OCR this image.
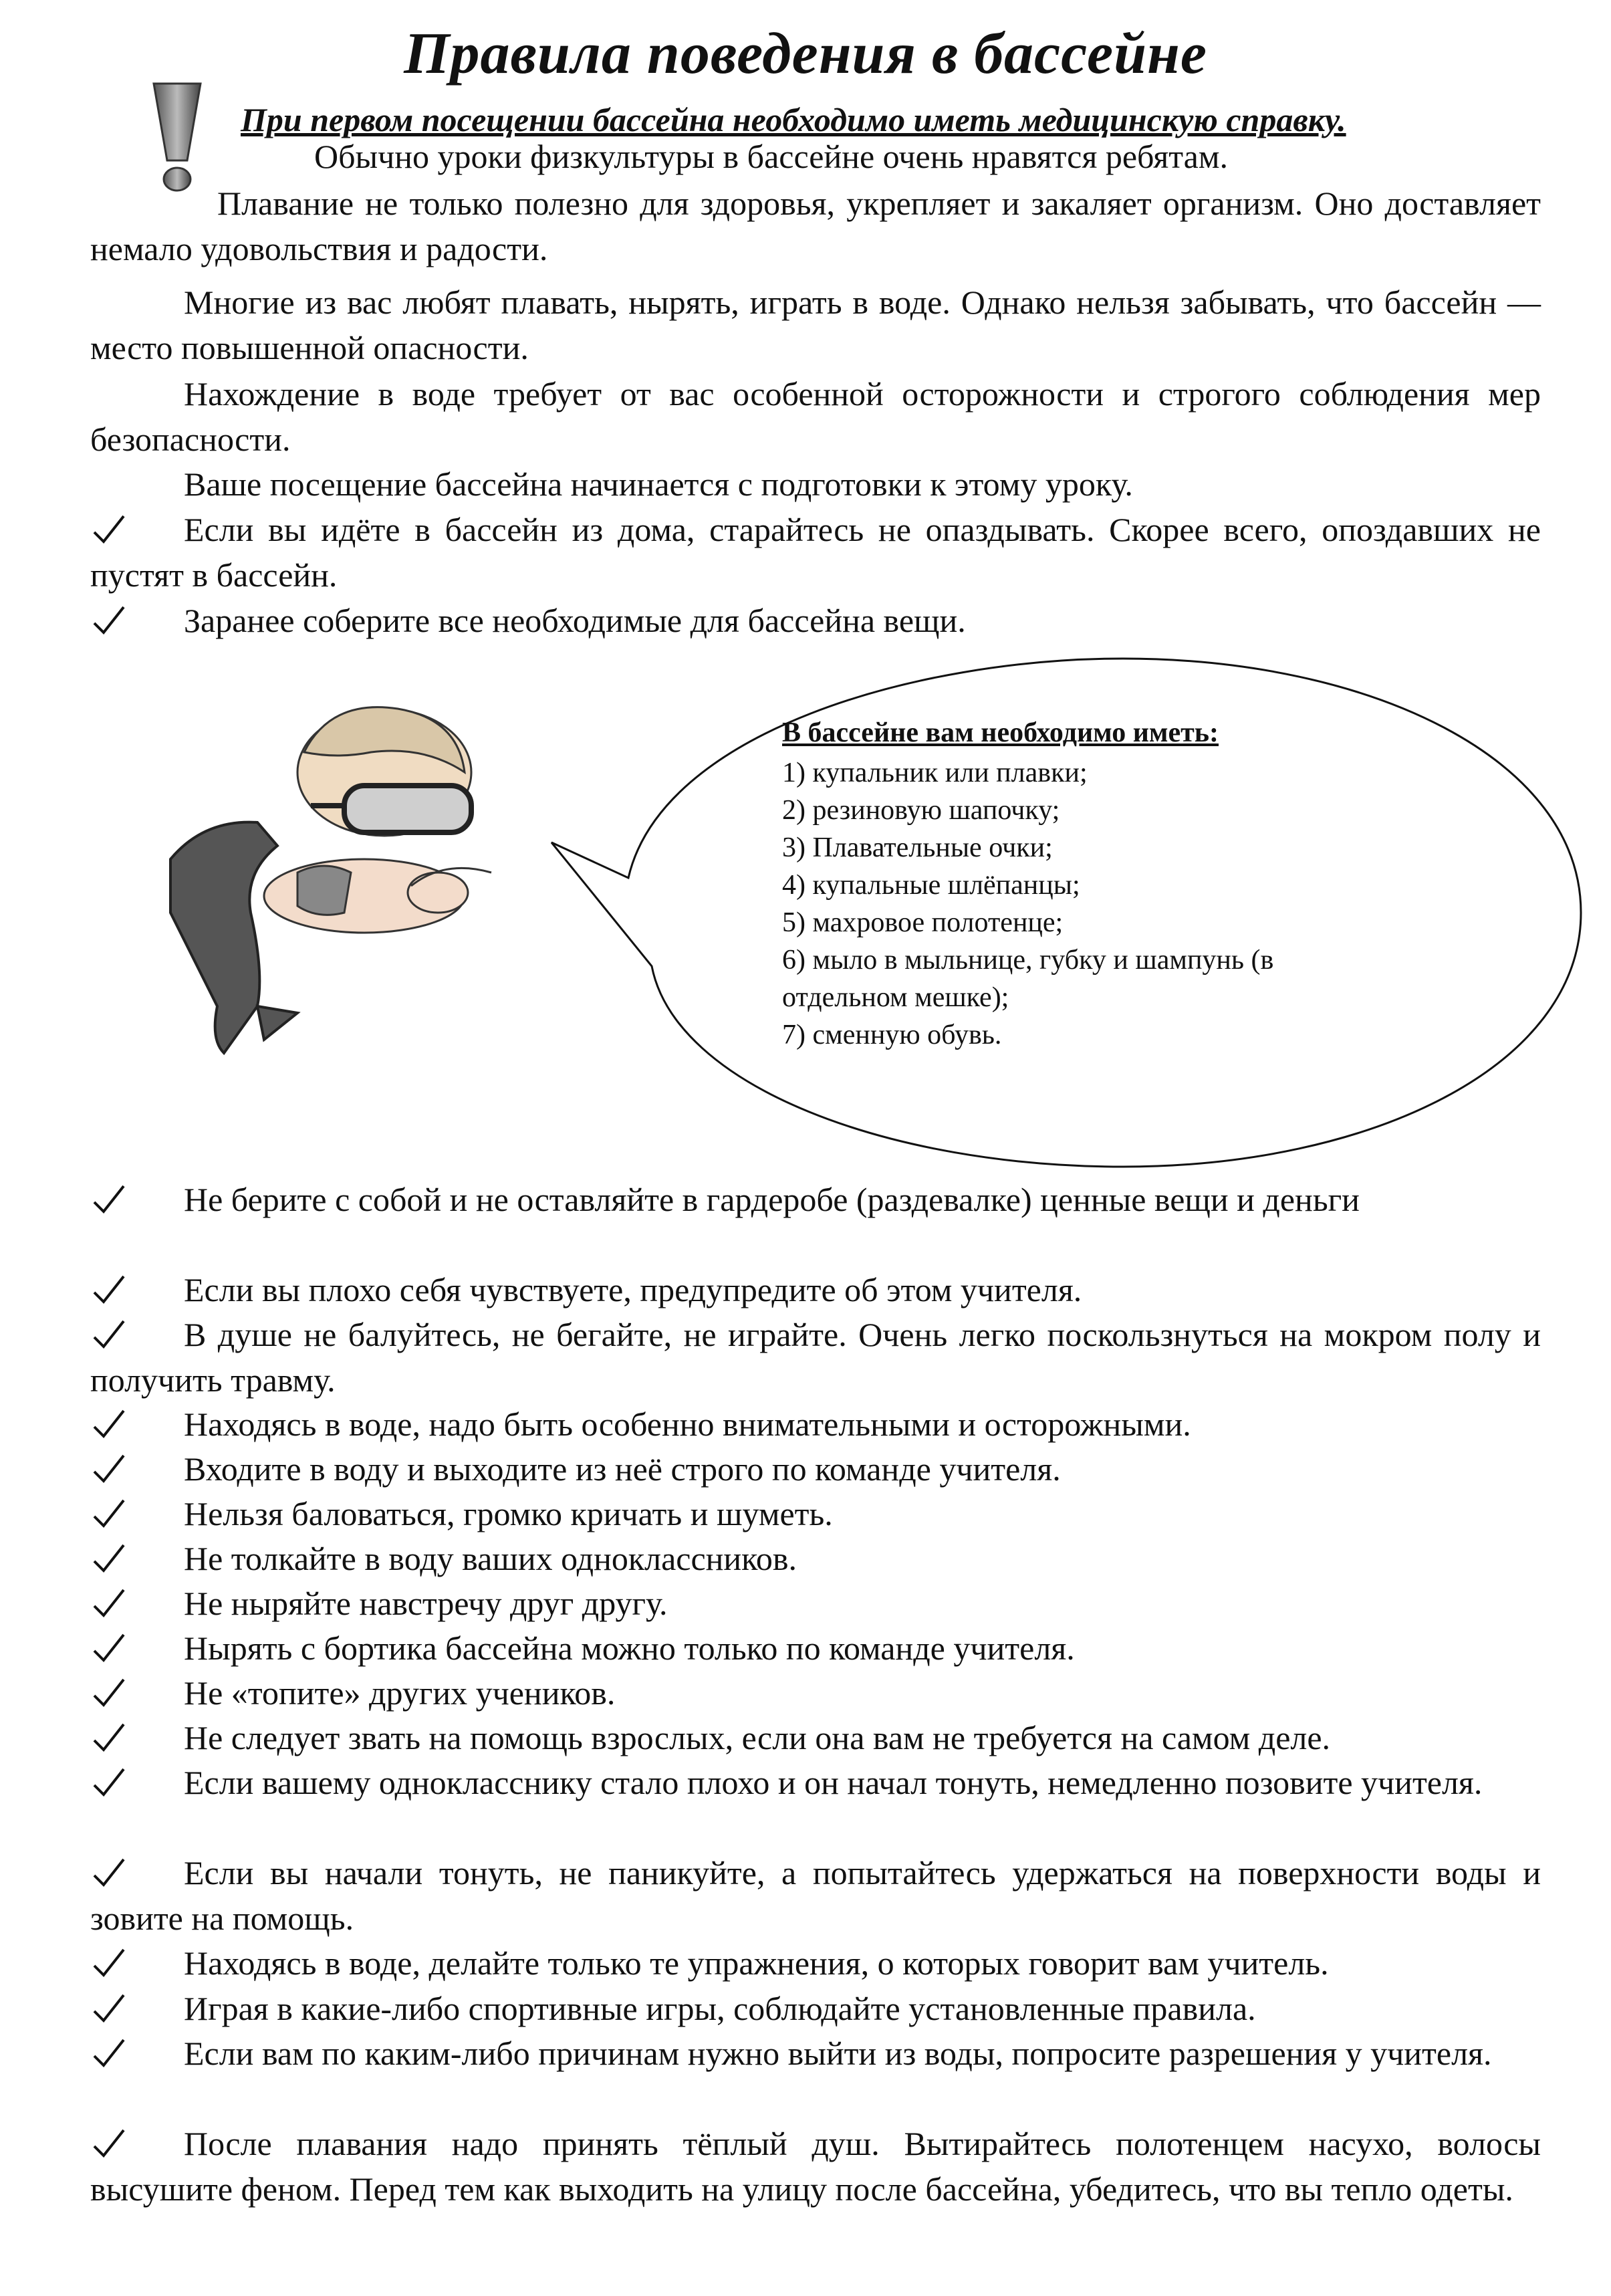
Правила поведения в бассейне
При первом посещении бассейна необходимо иметь медицинскую справку.
Обычно уроки физкультуры в бассейне очень нравятся ребятам.
Плавание не только полезно для здоровья, укрепляет и закаляет организм. Оно доставляет немало удовольствия и радости.
Многие из вас любят плавать, нырять, играть в воде. Однако нельзя забывать, что бассейн — место повышенной опасности.
Нахождение в воде требует от вас особенной осторожности и строгого соблюдения мер безопасности.
Ваше посещение бассейна начинается с подготовки к этому уроку.
Если вы идёте в бассейн из дома, старайтесь не опаздывать. Скорее всего, опоздавших не пустят в бассейн.
Заранее соберите все необходимые для бассейна вещи.
В бассейне вам необходимо иметь:
1) купальник или плавки;
2) резиновую шапочку;
3) Плавательные очки;
4) купальные шлёпанцы;
5) махровое полотенце;
6) мыло в мыльнице, губку и шампунь (в
отдельном мешке);
7) сменную обувь.
Не берите с собой и не оставляйте в гардеробе (раздевалке) ценные вещи и деньги
Если вы плохо себя чувствуете, предупредите об этом учителя.
В душе не балуйтесь, не бегайте, не играйте. Очень легко поскользнуться на мокром полу и получить травму.
Находясь в воде, надо быть особенно внимательными и осторожными.
Входите в воду и выходите из неё строго по команде учителя.
Нельзя баловаться, громко кричать и шуметь.
Не толкайте в воду ваших одноклассников.
Не ныряйте навстречу друг другу.
Нырять с бортика бассейна можно только по команде учителя.
Не «топите» других учеников.
Не следует звать на помощь взрослых, если она вам не требуется на самом деле.
Если вашему однокласснику стало плохо и он начал тонуть, немедленно позовите учителя.
Если вы начали тонуть, не паникуйте, а попытайтесь удержаться на поверхности воды и зовите на помощь.
Находясь в воде, делайте только те упражнения, о которых говорит вам учитель.
Играя в какие-либо спортивные игры, соблюдайте установленные правила.
Если вам по каким-либо причинам нужно выйти из воды, попросите разрешения у учителя.
После плавания надо принять тёплый душ. Вытирайтесь полотенцем насухо, волосы высушите феном. Перед тем как выходить на улицу после бассейна, убедитесь, что вы тепло одеты.
